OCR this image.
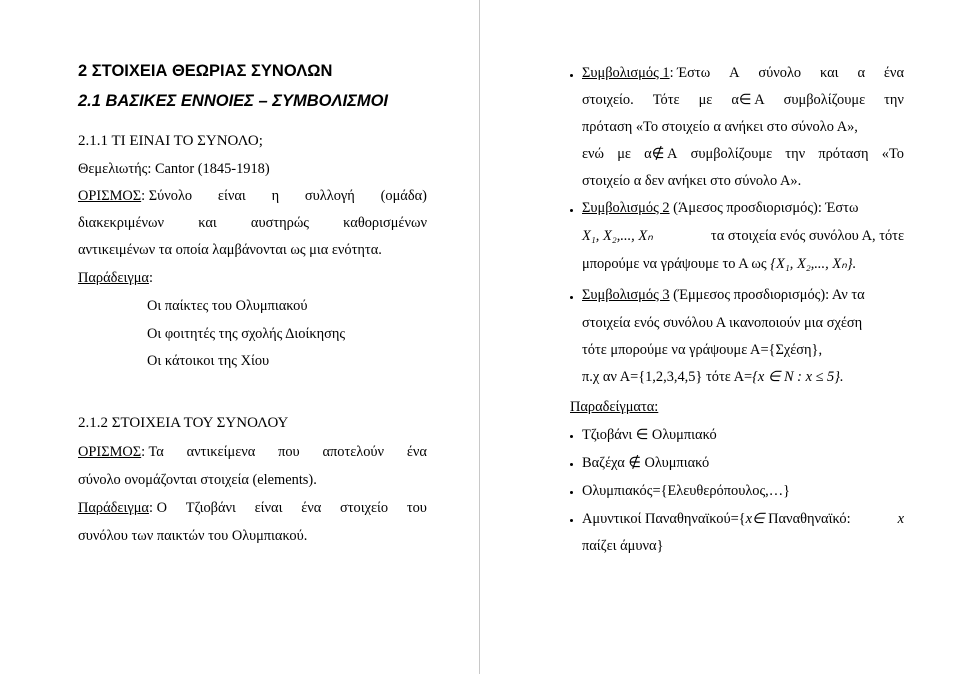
2 ΣΤΟΙΧΕΙΑ ΘΕΩΡΙΑΣ ΣΥΝΟΛΩΝ
2.1 ΒΑΣΙΚΕΣ ΕΝΝΟΙΕΣ – ΣΥΜΒΟΛΙΣΜΟΙ
2.1.1 ΤΙ ΕΙΝΑΙ ΤΟ ΣΥΝΟΛΟ;
Θεμελιωτής: Cantor (1845-1918)
ΟΡΙΣΜΟΣ: Σύνολο είναι η συλλογή (ομάδα)
διακεκριμένων και αυστηρώς καθορισμένων
αντικειμένων τα οποία λαμβάνονται ως μια ενότητα.
Παράδειγμα:
Οι παίκτες του Ολυμπιακού
Οι φοιτητές της σχολής Διοίκησης
Οι κάτοικοι της Χίου
2.1.2 ΣΤΟΙΧΕΙΑ ΤΟΥ ΣΥΝΟΛΟΥ
ΟΡΙΣΜΟΣ: Τα αντικείμενα που αποτελούν ένα
σύνολο ονομάζονται στοιχεία (elements).
Παράδειγμα: Ο Τζιοβάνι είναι ένα στοιχείο του
συνόλου των παικτών του Ολυμπιακού.
Συμβολισμός 1: Έστω Α σύνολο και α ένα
στοιχείο. Τότε με α∈ Α συμβολίζουμε την
πρόταση «Το στοιχείο α ανήκει στο σύνολο Α»,
ενώ με α∉ Α συμβολίζουμε την πρόταση «Το
στοιχείο α δεν ανήκει στο σύνολο Α».
Συμβολισμός 2 (Άμεσος προσδιορισμός): Έστω
X₁, X₂,..., Xₙ	τα στοιχεία ενός συνόλου Α, τότε
μπορούμε να γράψουμε το Α ως {X₁, X₂,..., Xₙ}.
Συμβολισμός 3 (Έμμεσος προσδιορισμός): Αν τα
στοιχεία ενός συνόλου Α ικανοποιούν μια σχέση
τότε μπορούμε να γράψουμε Α={Σχέση},
π.χ αν Α={1,2,3,4,5} τότε Α={x ∈ N : x ≤ 5}.
Παραδείγματα:
Τζιοβάνι ∈ Ολυμπιακό
Βαζέχα ∉ Ολυμπιακό
Ολυμπιακός={Ελευθερόπουλος,…}
Αμυντικοί Παναθηναϊκού={x∈ Παναθηναϊκό:	x
παίζει άμυνα}
